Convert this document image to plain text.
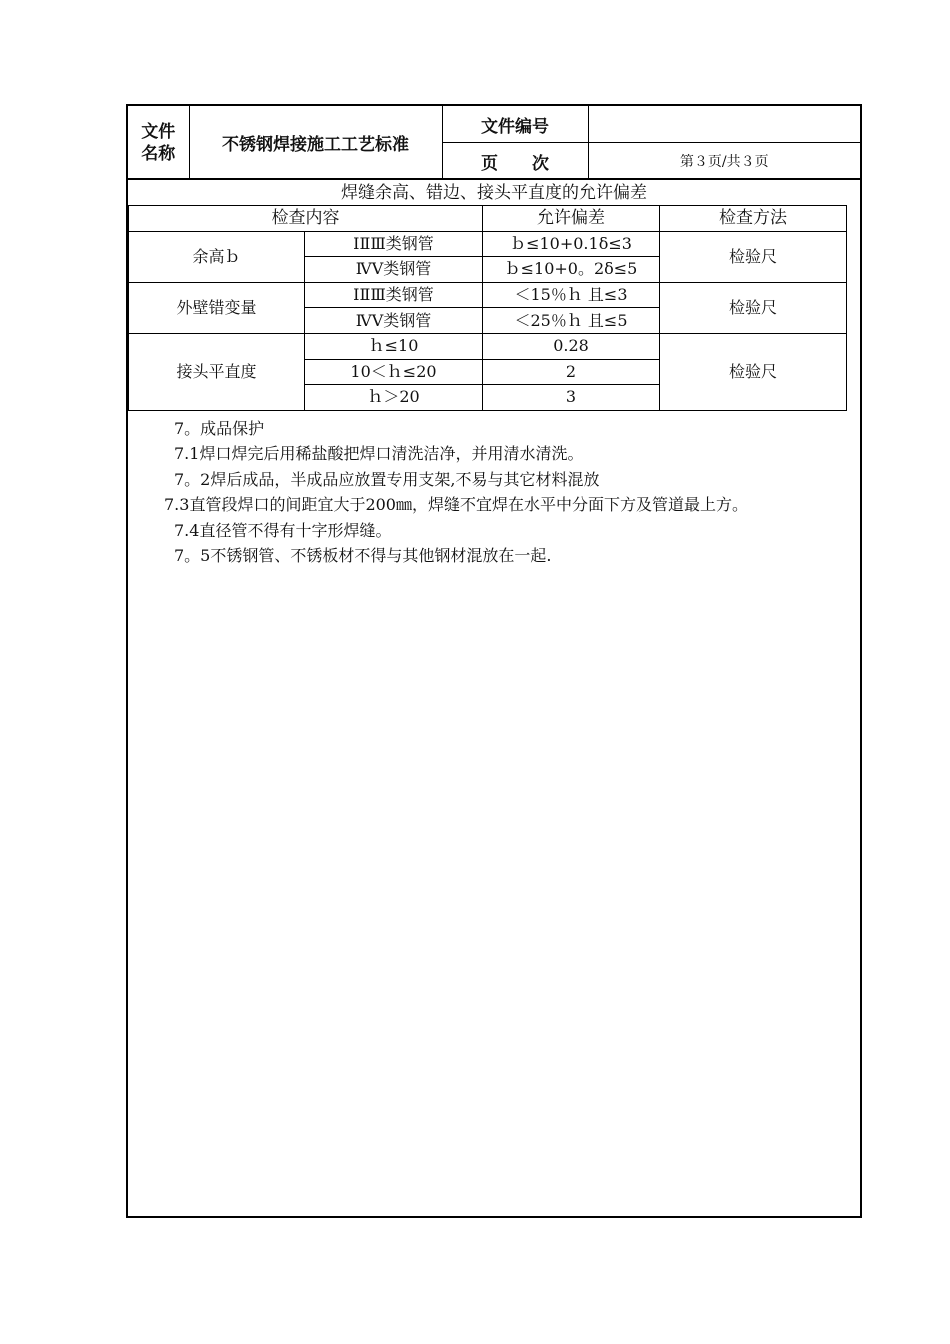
文件
名称	不锈钢焊接施工工艺标准	文件编号	
		页　　次	第３页/共３页
焊缝余高、错边、接头平直度的允许偏差
检查内容		允许偏差	检查方法
余高ｂ	ⅠⅡⅢ类钢管	ｂ≤10+0.1δ≤3	检验尺
	ⅣⅤ类钢管	ｂ≤10+0。2δ≤5	
外壁错变量	ⅠⅡⅢ类钢管	＜15％ｈ 且≤3	检验尺
	ⅣⅤ类钢管	＜25％ｈ 且≤5	
接头平直度	ｈ≤10	0.28	检验尺
	10＜ｈ≤20	2	
	ｈ＞20	3	

7。成品保护

7.1焊口焊完后用稀盐酸把焊口清洗洁净，并用清水清洗。

7。2焊后成品，半成品应放置专用支架,不易与其它材料混放

7.3直管段焊口的间距宜大于200㎜，焊缝不宜焊在水平中分面下方及管道最上方。

7.4直径管不得有十字形焊缝。

7。5不锈钢管、不锈板材不得与其他钢材混放在一起.
